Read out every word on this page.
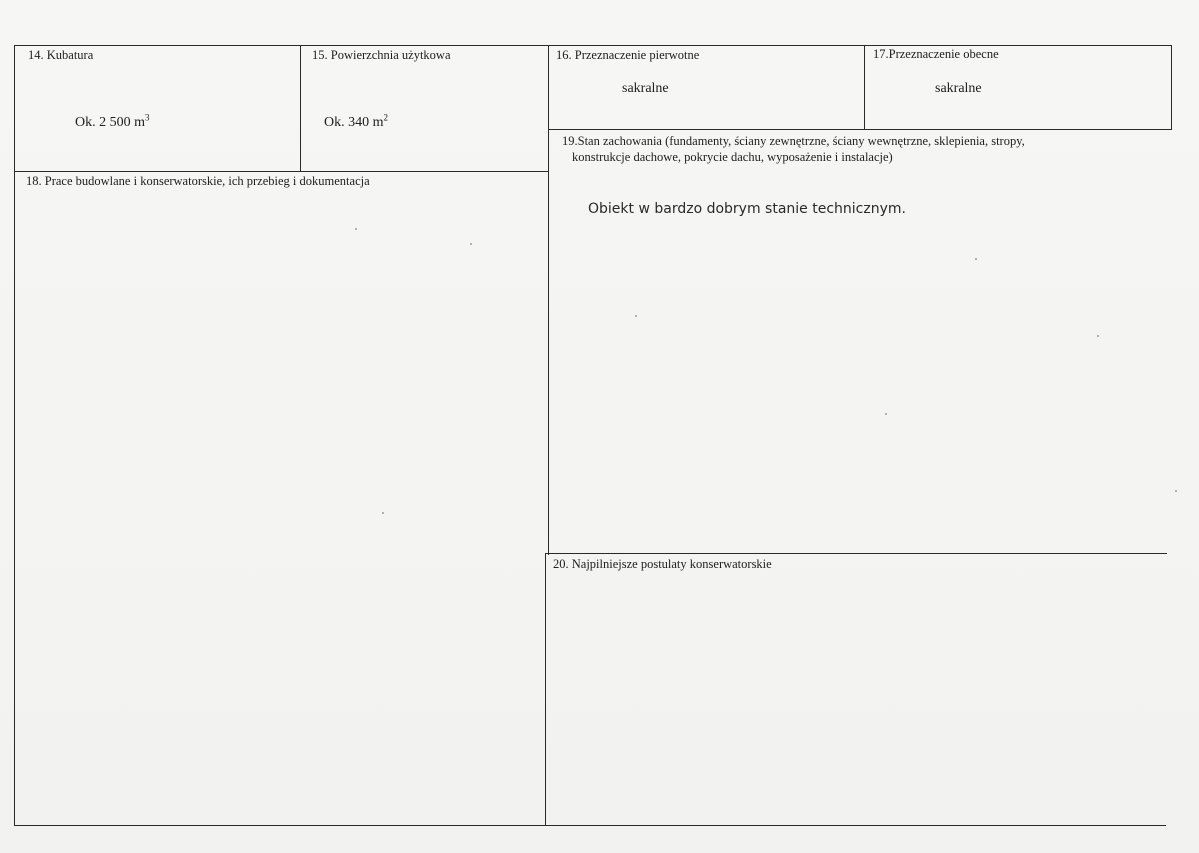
14. Kubatura
Ok. 2 500 $m^3$
15. Powierzchnia użytkowa
Ok. 340 $m^2$
16. Przeznaczenie pierwotne
sakralne
17.Przeznaczenie obecne
sakralne
18. Prace budowlane i konserwatorskie, ich przebieg i dokumentacja
19.Stan zachowania (fundamenty, ściany zewnętrzne, ściany wewnętrzne, sklepienia, stropy,
konstrukcje dachowe, pokrycie dachu, wyposażenie i instalacje)
Obiekt w bardzo dobrym stanie technicznym.
20. Najpilniejsze postulaty konserwatorskie
